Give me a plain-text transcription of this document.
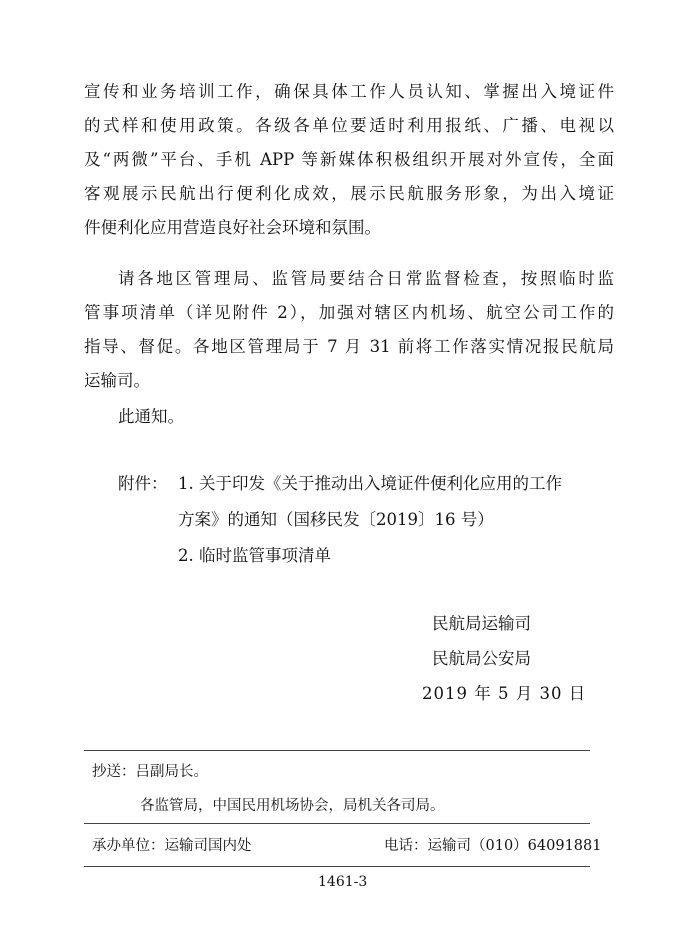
宣传和业务培训工作，确保具体工作人员认知、掌握出入境证件
的式样和使用政策。各级各单位要适时利用报纸、广播、电视以
及“两微”平台、手机 APP 等新媒体积极组织开展对外宣传，全面
客观展示民航出行便利化成效，展示民航服务形象，为出入境证
件便利化应用营造良好社会环境和氛围。
请各地区管理局、监管局要结合日常监督检查，按照临时监
管事项清单（详见附件 2），加强对辖区内机场、航空公司工作的
指导、督促。各地区管理局于 7 月 31 前将工作落实情况报民航局
运输司。
此通知。
附件： 1. 关于印发《关于推动出入境证件便利化应用的工作
方案》的通知（国移民发〔2019〕16 号）
2. 临时监管事项清单
民航局运输司
民航局公安局
2019 年 5 月 30 日
抄送：吕副局长。
各监管局，中国民用机场协会，局机关各司局。
承办单位：运输司国内处	电话：运输司（010）64091881
1461-3
